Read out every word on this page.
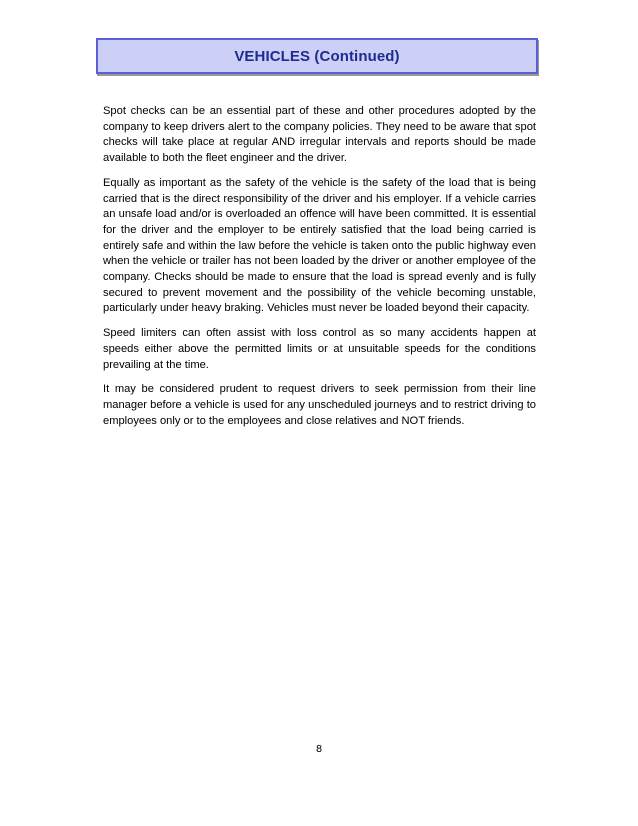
VEHICLES (Continued)

Spot checks can be an essential part of these and other procedures adopted by the company to keep drivers alert to the company policies. They need to be aware that spot checks will take place at regular AND irregular intervals and reports should be made available to both the fleet engineer and the driver.

Equally as important as the safety of the vehicle is the safety of the load that is being carried that is the direct responsibility of the driver and his employer. If a vehicle carries an unsafe load and/or is overloaded an offence will have been committed. It is essential for the driver and the employer to be entirely satisfied that the load being carried is entirely safe and within the law before the vehicle is taken onto the public highway even when the vehicle or trailer has not been loaded by the driver or another employee of the company. Checks should be made to ensure that the load is spread evenly and is fully secured to prevent movement and the possibility of the vehicle becoming unstable, particularly under heavy braking. Vehicles must never be loaded beyond their capacity.

Speed limiters can often assist with loss control as so many accidents happen at speeds either above the permitted limits or at unsuitable speeds for the conditions prevailing at the time.

It may be considered prudent to request drivers to seek permission from their line manager before a vehicle is used for any unscheduled journeys and to restrict driving to employees only or to the employees and close relatives and NOT friends.

8
